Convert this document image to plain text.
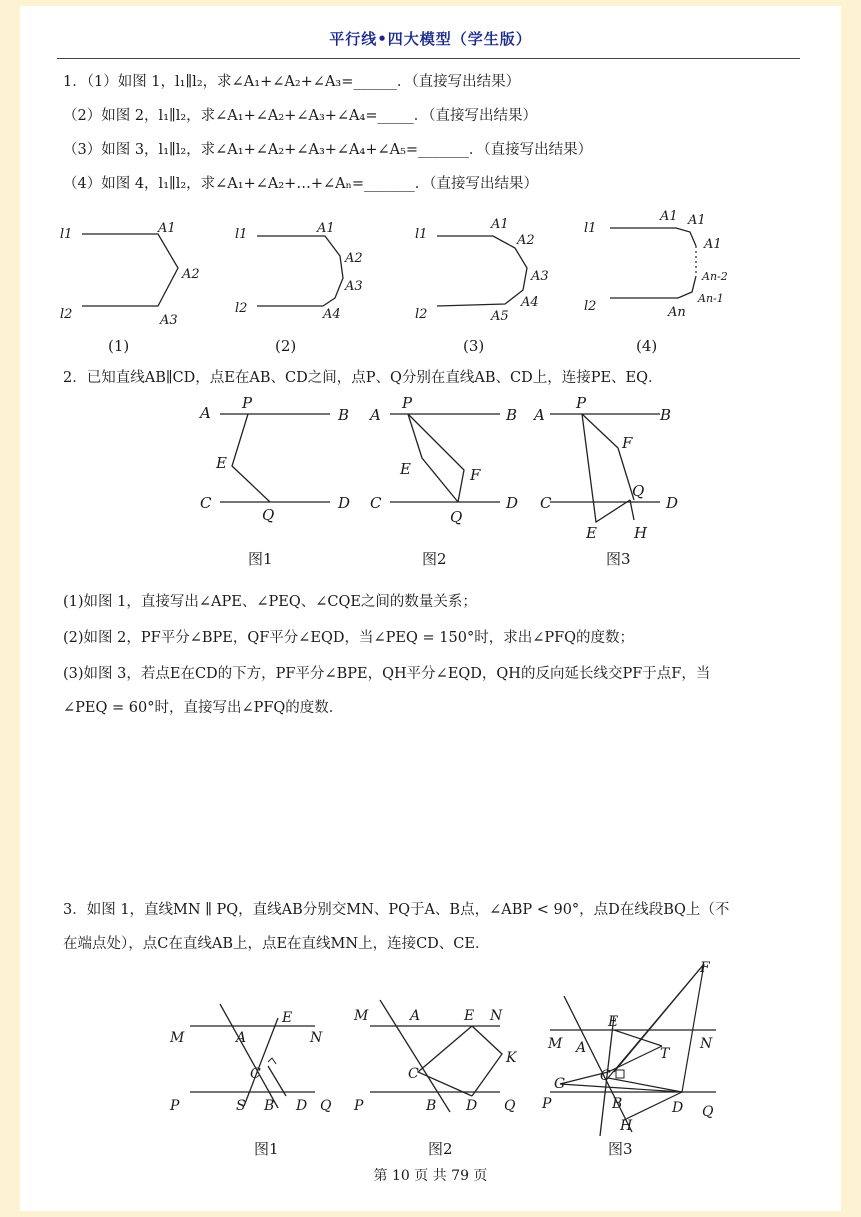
平行线•四大模型（学生版）
1．（1）如图 1，l₁∥l₂，求∠A₁+∠A₂+∠A₃=______．（直接写出结果）
（2）如图 2，l₁∥l₂，求∠A₁+∠A₂+∠A₃+∠A₄=_____．（直接写出结果）
（3）如图 3，l₁∥l₂，求∠A₁+∠A₂+∠A₃+∠A₄+∠A₅=_______．（直接写出结果）
（4）如图 4，l₁∥l₂，求∠A₁+∠A₂+…+∠Aₙ=_______．（直接写出结果）
l1
l2
A1
A2
A3
(1)
l1
l2
A1
A2
A3
A4
(2)
l1
l2
A1
A2
A3
A4
A5
(3)
l1
l2
A1 A1
A1
An-2
An-1
An
(4)
2．已知直线AB∥CD，点E在AB、CD之间，点P、Q分别在直线AB、CD上，连接PE、EQ．
A	B
C	D
P
Q
E
图1
A	B
C	D
P
Q
E	F
图2
A	B
C	D
P
Q
E
F
H
图3
(1)如图 1，直接写出∠APE、∠PEQ、∠CQE之间的数量关系；
(2)如图 2，PF平分∠BPE，QF平分∠EQD，当∠PEQ = 150°时，求出∠PFQ的度数；
(3)如图 3，若点E在CD的下方，PF平分∠BPE，QH平分∠EQD，QH的反向延长线交PF于点F，当
∠PEQ = 60°时，直接写出∠PFQ的度数．
3．如图 1，直线MN ∥ PQ，直线AB分别交MN、PQ于A、B点，∠ABP < 90°，点D在线段BQ上（不
在端点处），点C在直线AB上，点E在直线MN上，连接CD、CE．
M	N
P	Q
A
B
C
D
E
S
图1
M	N
P	Q
A
B
C
D
E
K
图2
M	N
P	Q
A
B
C
D
E
F
T
G
H
图3
第 10 页 共 79 页
